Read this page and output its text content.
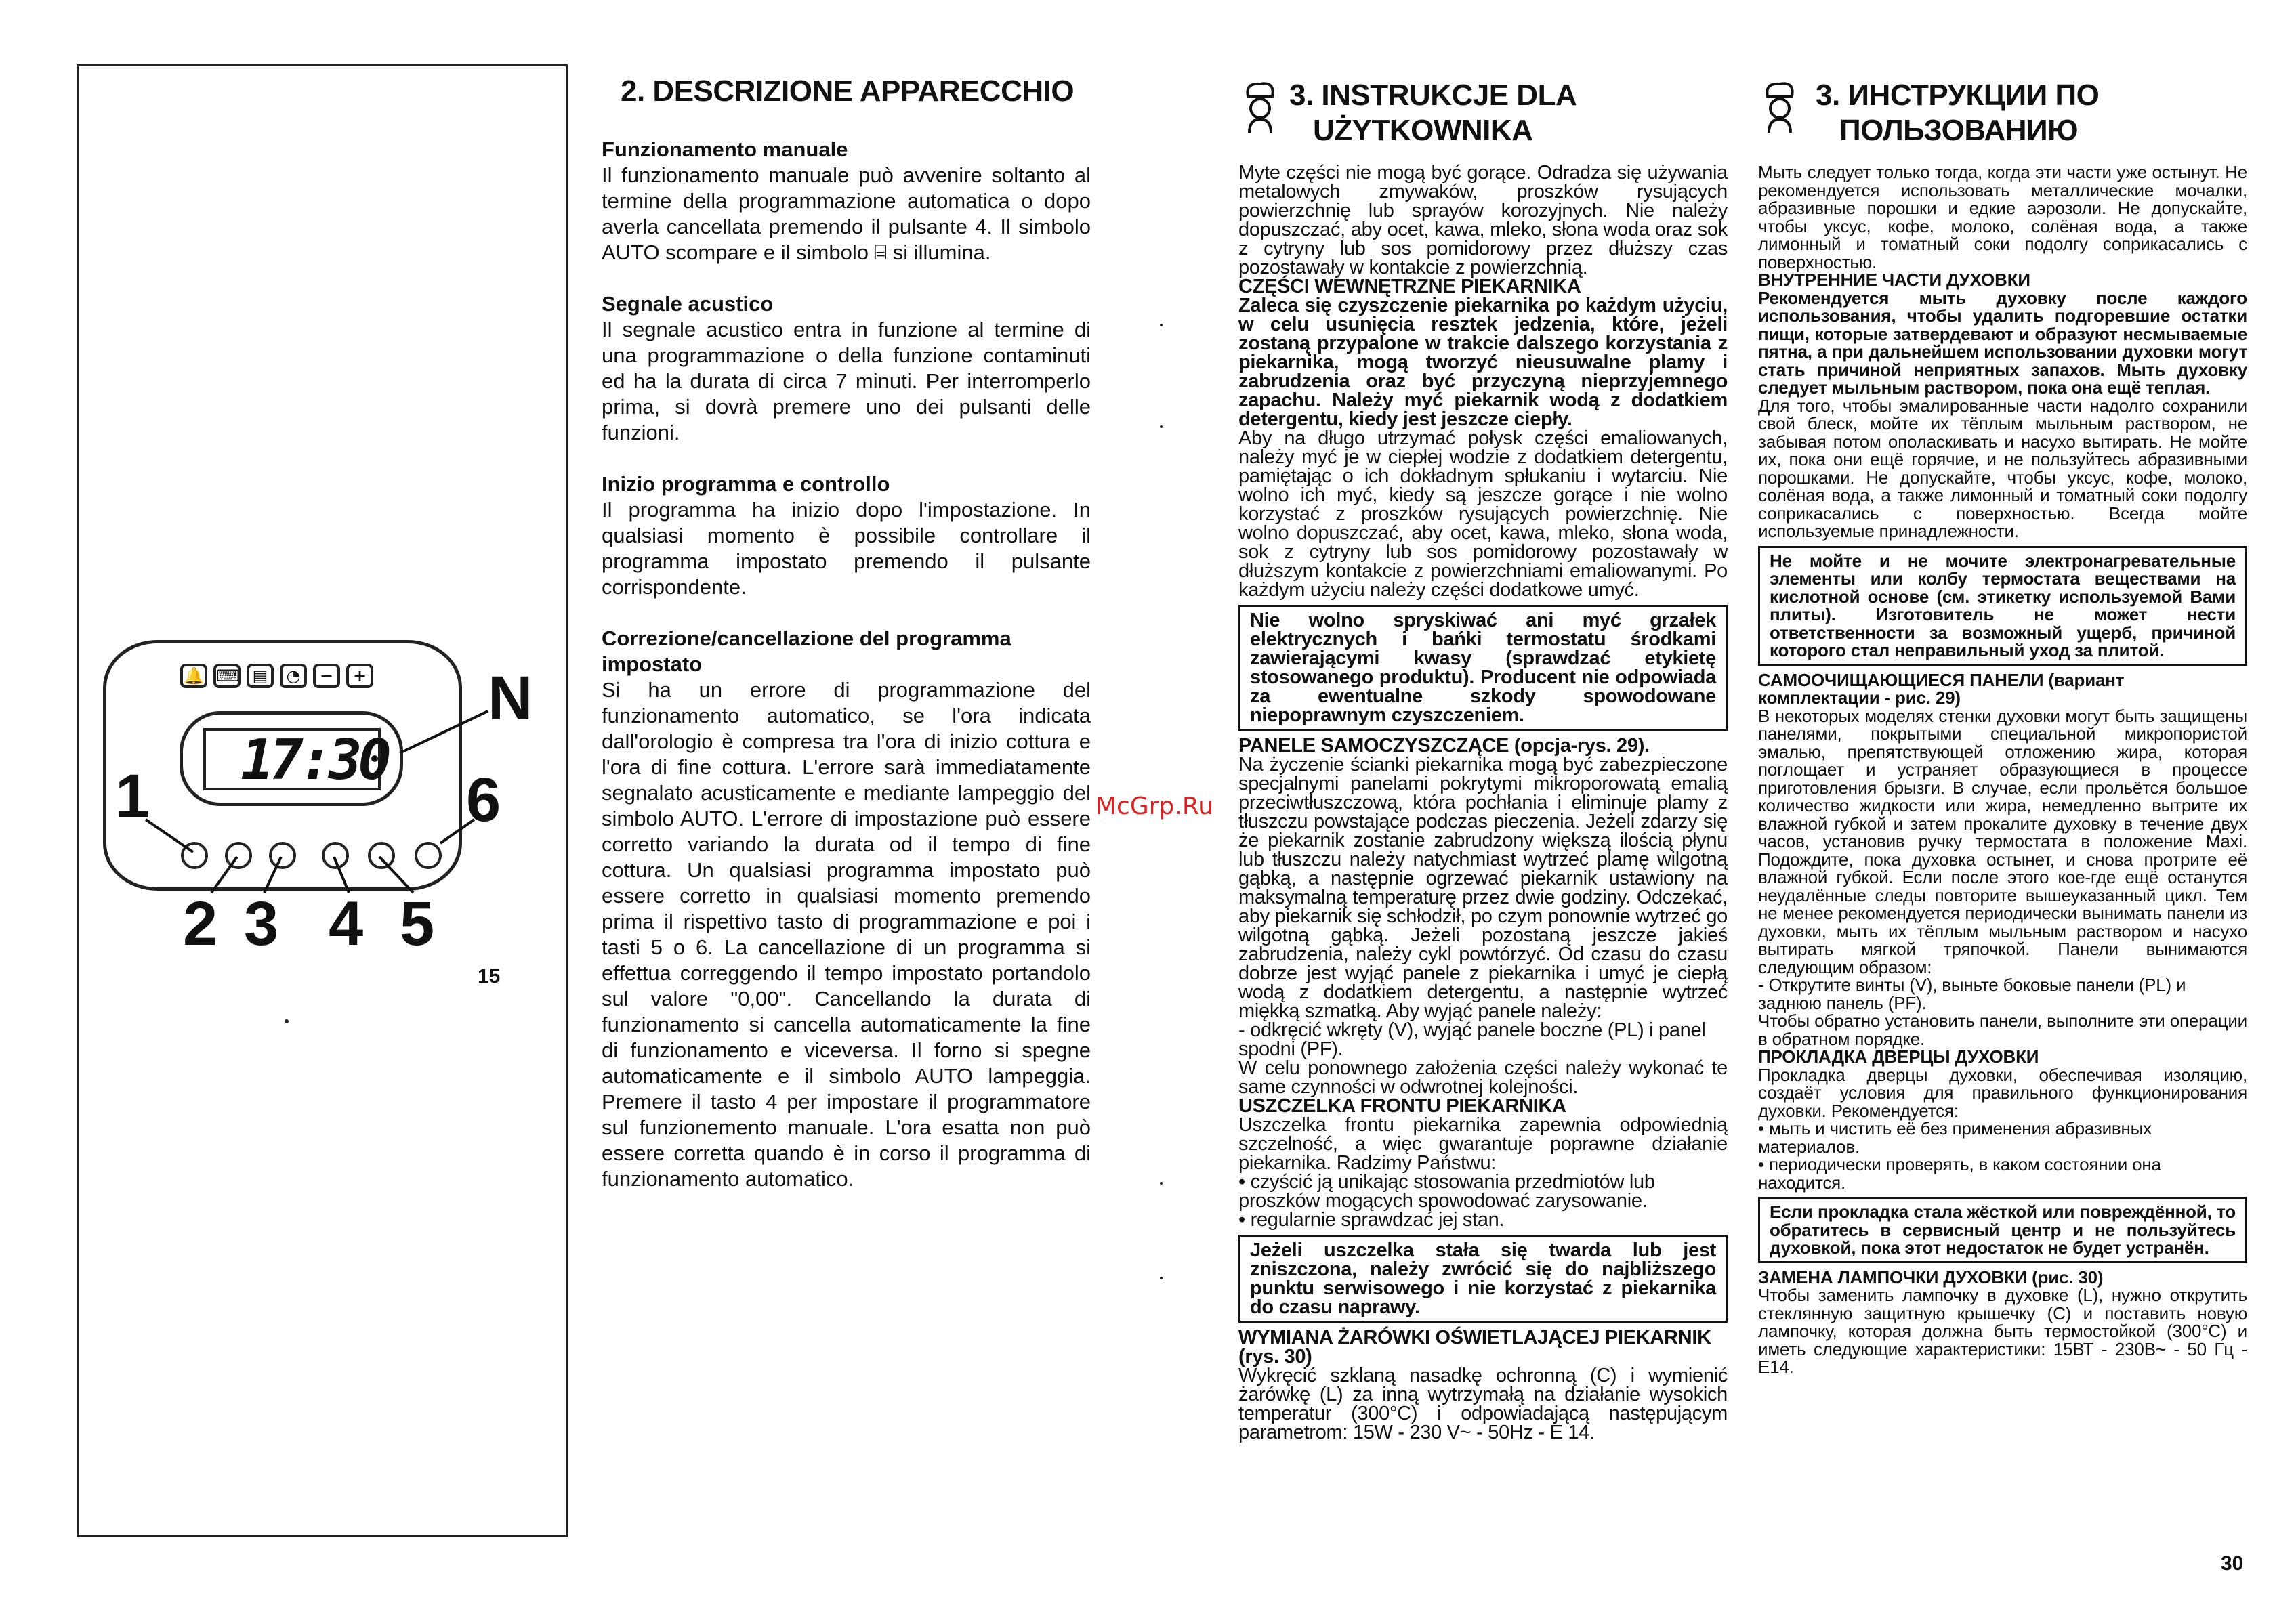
🔔 ⌨ ▤	◔	−	+
17:30
N
1	6
2 3 4 5
15

2. DESCRIZIONE APPARECCHIO

Funzionamento manuale

Il funzionamento manuale può avvenire soltanto al termine della programmazione automatica o dopo averla cancellata premendo il pulsante 4. Il simbolo AUTO scompare e il simbolo ⌸ si illumina.

Segnale acustico

Il segnale acustico entra in funzione al termine di una programmazione o della funzione contaminuti ed ha la durata di circa 7 minuti. Per interromperlo prima, si dovrà premere uno dei pulsanti delle funzioni.

Inizio programma e controllo

Il programma ha inizio dopo l'impostazione. In qualsiasi momento è possibile controllare il programma impostato premendo il pulsante corrispondente.

Correzione/cancellazione del programma impostato

Si ha un errore di programmazione del funzionamento automatico, se l'ora indicata dall'orologio è compresa tra l'ora di inizio cottura e l'ora di fine cottura. L'errore sarà immediatamente segnalato acusticamente e mediante lampeggio del simbolo AUTO. L'errore di impostazione può essere corretto variando la durata od il tempo di fine cottura. Un qualsiasi programma impostato può essere corretto in qualsiasi momento premendo prima il rispettivo tasto di programmazione e poi i tasti 5 o 6. La cancellazione di un programma si effettua correggendo il tempo impostato portandolo sul valore "0,00". Cancellando la durata di funzionamento si cancella automaticamente la fine di funzionamento e viceversa. Il forno si spegne automaticamente e il simbolo AUTO lampeggia. Premere il tasto 4 per impostare il programmatore sul funzionemento manuale. L'ora esatta non può essere corretta quando è in corso il programma di funzionamento automatico.

McGrp.Ru

3. INSTRUKCJE DLA

UŻYTKOWNIKA

Myte części nie mogą być gorące. Odradza się używania metalowych zmywaków, proszków rysujących powierzchnię lub sprayów korozyjnych. Nie należy dopuszczać, aby ocet, kawa, mleko, słona woda oraz sok z cytryny lub sos pomidorowy przez dłuższy czas pozostawały w kontakcie z powierzchnią.

CZĘŚCI WEWNĘTRZNE PIEKARNIKA

Zaleca się czyszczenie piekarnika po każdym użyciu, w celu usunięcia resztek jedzenia, które, jeżeli zostaną przypalone w trakcie dalszego korzystania z piekarnika, mogą tworzyć nieusuwalne plamy i zabrudzenia oraz być przyczyną nieprzyjemnego zapachu. Należy myć piekarnik wodą z dodatkiem detergentu, kiedy jest jeszcze ciepły.

Aby na długo utrzymać połysk części emaliowanych, należy myć je w ciepłej wodzie z dodatkiem detergentu, pamiętając o ich dokładnym spłukaniu i wytarciu. Nie wolno ich myć, kiedy są jeszcze gorące i nie wolno korzystać z proszków rysujących powierzchnię. Nie wolno dopuszczać, aby ocet, kawa, mleko, słona woda, sok z cytryny lub sos pomidorowy pozostawały w dłuższym kontakcie z powierzchniami emaliowanymi. Po każdym użyciu należy części dodatkowe umyć.

Nie wolno spryskiwać ani myć grzałek elektrycznych i bańki termostatu środkami zawierającymi kwasy (sprawdzać etykietę stosowanego produktu). Producent nie odpowiada za ewentualne szkody spowodowane niepoprawnym czyszczeniem.

PANELE SAMOCZYSZCZĄCE (opcja-rys. 29).

Na życzenie ścianki piekarnika mogą być zabezpieczone specjalnymi panelami pokrytymi mikroporowatą emalią przeciwtłuszczową, która pochłania i eliminuje plamy z tłuszczu powstające podczas pieczenia. Jeżeli zdarzy się że piekarnik zostanie zabrudzony większą ilością płynu lub tłuszczu należy natychmiast wytrzeć plamę wilgotną gąbką, a następnie ogrzewać piekarnik ustawiony na maksymalną temperaturę przez dwie godziny. Odczekać, aby piekarnik się schłodził, po czym ponownie wytrzeć go wilgotną gąbką. Jeżeli pozostaną jeszcze jakieś zabrudzenia, należy cykl powtórzyć. Od czasu do czasu dobrze jest wyjąć panele z piekarnika i umyć je ciepłą wodą z dodatkiem detergentu, a następnie wytrzeć miękką szmatką. Aby wyjąć panele należy:

- odkręcić wkręty (V), wyjąć panele boczne (PL) i panel spodni (PF).

W celu ponownego założenia części należy wykonać te same czynności w odwrotnej kolejności.

USZCZELKA FRONTU PIEKARNIKA

Uszczelka frontu piekarnika zapewnia odpowiednią szczelność, a więc gwarantuje poprawne działanie piekarnika. Radzimy Państwu:

• czyścić ją unikając stosowania przedmiotów lub proszków mogących spowodować zarysowanie.

• regularnie sprawdzać jej stan.

Jeżeli uszczelka stała się twarda lub jest zniszczona, należy zwrócić się do najbliższego punktu serwisowego i nie korzystać z piekarnika do czasu naprawy.

WYMIANA ŻARÓWKI OŚWIETLAJĄCEJ PIEKARNIK (rys. 30)

Wykręcić szklaną nasadkę ochronną (C) i wymienić żarówkę (L) za inną wytrzymałą na działanie wysokich temperatur (300°C) i odpowiadającą następującym parametrom: 15W - 230 V~ - 50Hz - E 14.

3. ИНСТРУКЦИИ ПО

ПОЛЬЗОВАНИЮ

Мыть следует только тогда, когда эти части уже остынут. Не рекомендуется использовать металлические мочалки, абразивные порошки и едкие аэрозоли. Не допускайте, чтобы уксус, кофе, молоко, солёная вода, а также лимонный и томатный соки подолгу соприкасались с поверхностью.

ВНУТРЕННИЕ ЧАСТИ ДУХОВКИ

Рекомендуется мыть духовку после каждого использования, чтобы удалить подгоревшие остатки пищи, которые затвердевают и образуют несмываемые пятна, а при дальнейшем использовании духовки могут стать причиной неприятных запахов. Мыть духовку следует мыльным раствором, пока она ещё теплая.

Для того, чтобы эмалированные части надолго сохранили свой блеск, мойте их тёплым мыльным раствором, не забывая потом ополаскивать и насухо вытирать. Не мойте их, пока они ещё горячие, и не пользуйтесь абразивными порошками. Не допускайте, чтобы уксус, кофе, молоко, солёная вода, а также лимонный и томатный соки подолгу соприкасались с поверхностью. Всегда мойте используемые принадлежности.

Не мойте и не мочите электронагревательные элементы или колбу термостата веществами на кислотной основе (см. этикетку используемой Вами плиты). Изготовитель не может нести ответственности за возможный ущерб, причиной которого стал неправильный уход за плитой.

САМООЧИЩАЮЩИЕСЯ ПАНЕЛИ (вариант комплектации - рис. 29)

В некоторых моделях стенки духовки могут быть защищены панелями, покрытыми специальной микропористой эмалью, препятствующей отложению жира, которая поглощает и устраняет образующиеся в процессе приготовления брызги. В случае, если прольётся большое количество жидкости или жира, немедленно вытрите их влажной губкой и затем прокалите духовку в течение двух часов, установив ручку термостата в положение Maxi. Подождите, пока духовка остынет, и снова протрите её влажной губкой. Если после этого кое-где ещё останутся неудалённые следы повторите вышеуказанный цикл. Тем не менее рекомендуется периодически вынимать панели из духовки, мыть их тёплым мыльным раствором и насухо вытирать мягкой тряпочкой. Панели вынимаются следующим образом:

- Открутите винты (V), выньте боковые панели (PL) и заднюю панель (PF).

Чтобы обратно установить панели, выполните эти операции в обратном порядке.

ПРОКЛАДКА ДВЕРЦЫ ДУХОВКИ

Прокладка дверцы духовки, обеспечивая изоляцию, создаёт условия для правильного функционирования духовки. Рекомендуется:

• мыть и чистить её без применения абразивных материалов.

• периодически проверять, в каком состоянии она находится.

Если прокладка стала жёсткой или повреждённой, то обратитесь в сервисный центр и не пользуйтесь духовкой, пока этот недостаток не будет устранён.

ЗАМЕНА ЛАМПОЧКИ ДУХОВКИ (рис. 30)

Чтобы заменить лампочку в духовке (L), нужно открутить стеклянную защитную крышечку (C) и поставить новую лампочку, которая должна быть термостойкой (300°C) и иметь следующие характеристики: 15ВТ - 230В~ - 50 Гц - E14.

30
